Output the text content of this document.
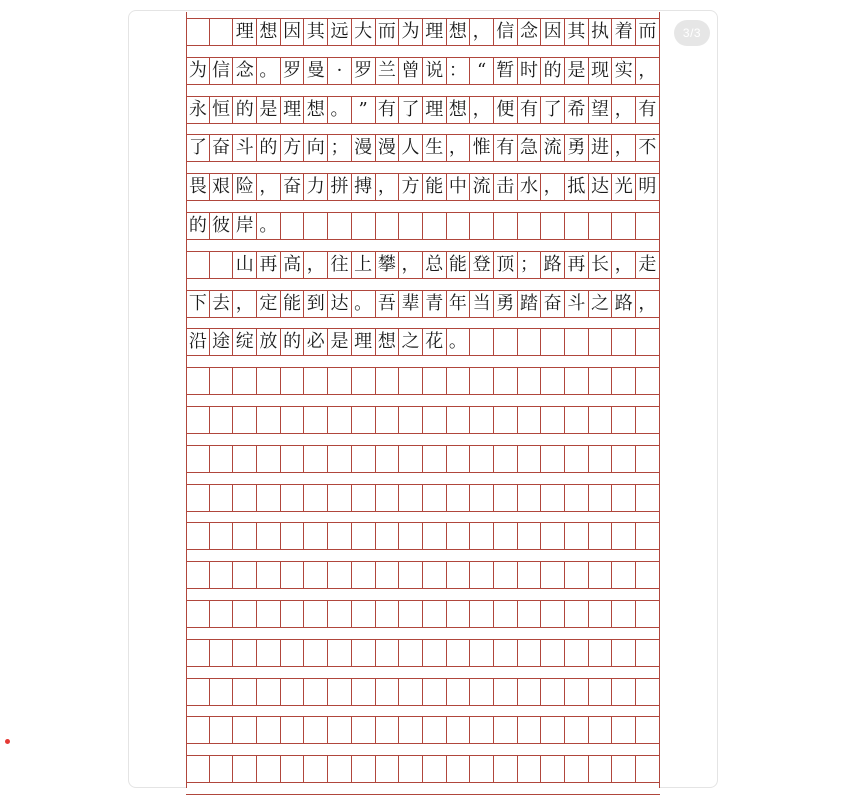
理 想 因 其 远 大 而 为 理 想 ， 信 念 因 其 执 着 而
为 信 念 。 罗 曼 · 罗 兰 曾 说 ： “ 暂 时 的 是 现 实 ，
永 恒 的 是 理 想 。 ” 有 了 理 想 ， 便 有 了 希 望 ， 有
了 奋 斗 的 方 向 ； 漫 漫 人 生 ， 惟 有 急 流 勇 进 ， 不
畏 艰 险 ， 奋 力 拼 搏 ， 方 能 中 流 击 水 ， 抵 达 光 明
的 彼 岸 。
山 再 高 ， 往 上 攀 ， 总 能 登 顶 ； 路 再 长 ， 走
下 去 ， 定 能 到 达 。 吾 辈 青 年 当 勇 踏 奋 斗 之 路 ，
沿 途 绽 放 的 必 是 理 想 之 花 。
3/3
